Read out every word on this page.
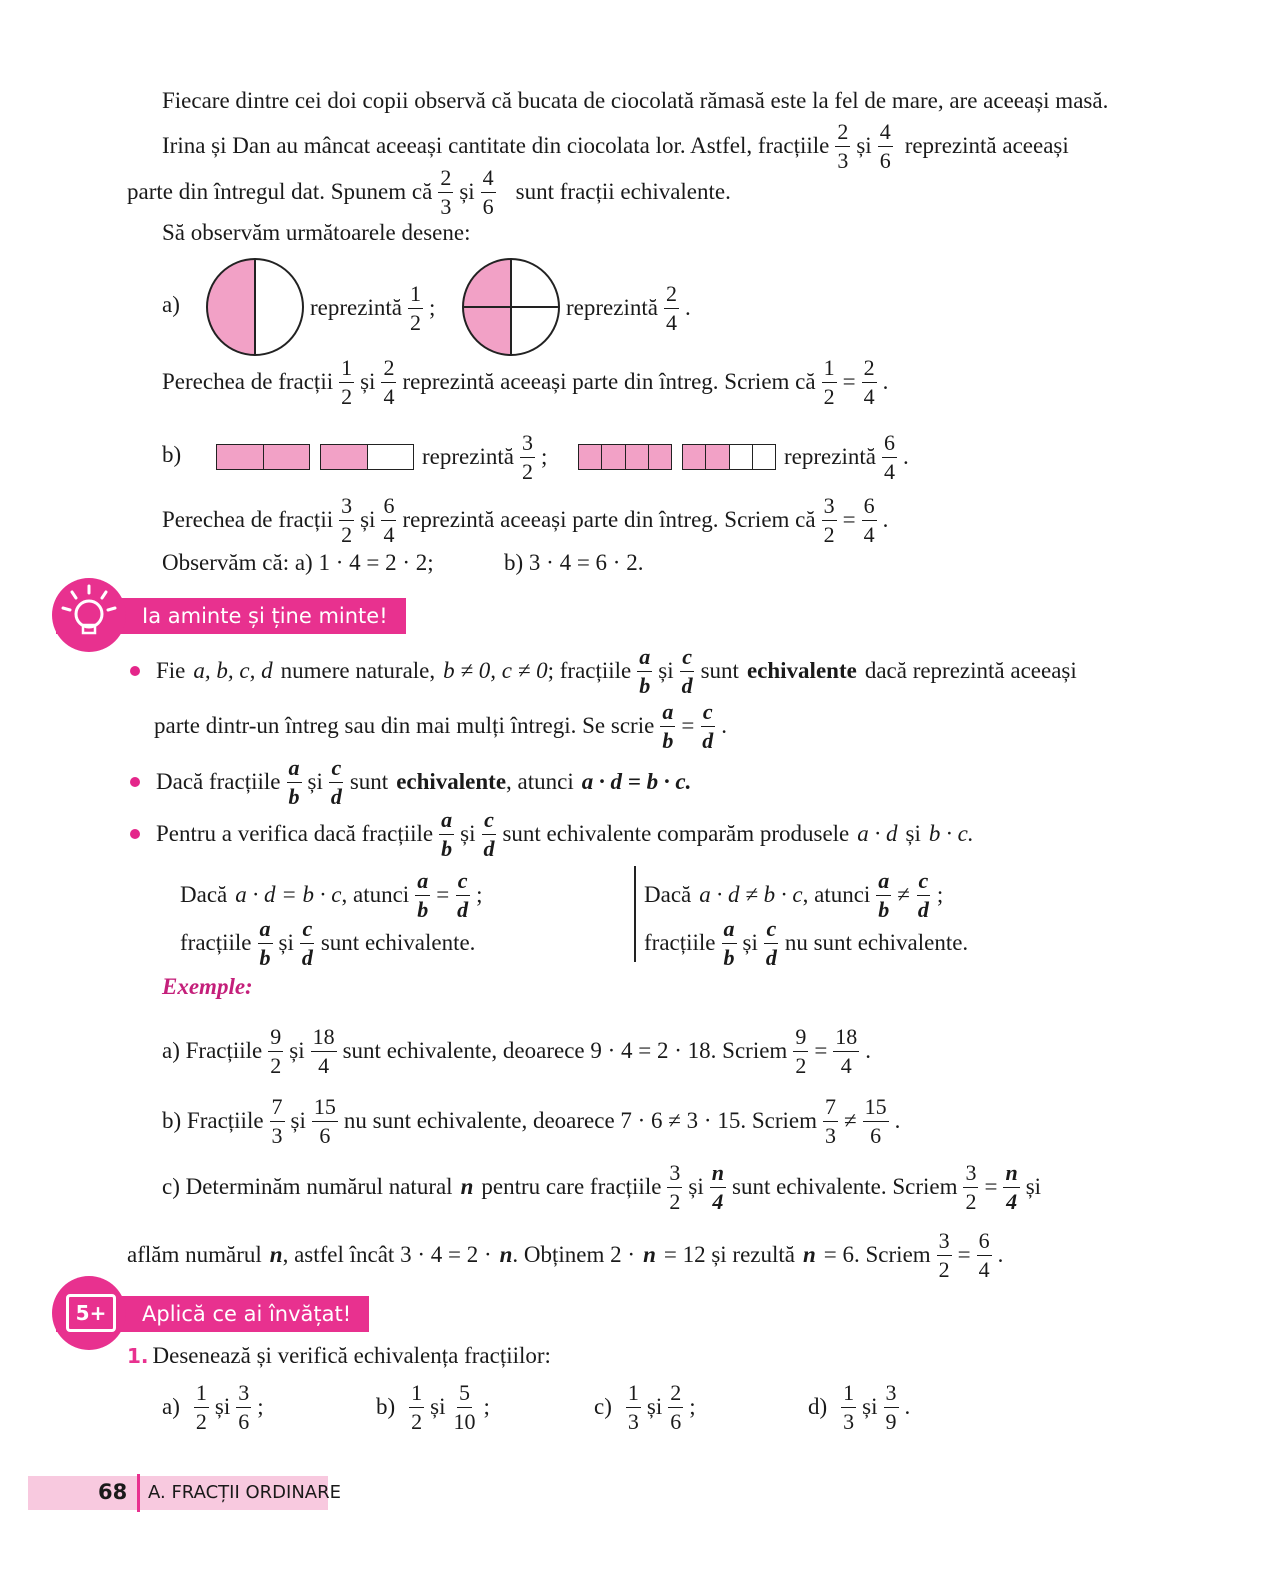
Fiecare dintre cei doi copii observă că bucata de ciocolată rămasă este la fel de mare, are aceeași masă.
Irina și Dan au mâncat aceeași cantitate din ciocolata lor. Astfel, fracțiile $\frac{2}{3}$ și $\frac{4}{6}$ reprezintă aceeași
parte din întregul dat. Spunem că $\frac{2}{3}$ și $\frac{4}{6}$ sunt fracții echivalente.
Să observăm următoarele desene:
a)	reprezintă $\frac{1}{2}$ ;	reprezintă $\frac{2}{4}$ .
Perechea de fracții $\frac{1}{2}$ și $\frac{2}{4}$ reprezintă aceeași parte din întreg. Scriem că $\frac{1}{2} = \frac{2}{4}$ .
b)	reprezintă $\frac{3}{2}$ ;	reprezintă $\frac{6}{4}$ .
Perechea de fracții $\frac{3}{2}$ și $\frac{6}{4}$ reprezintă aceeași parte din întreg. Scriem că $\frac{3}{2} = \frac{6}{4}$ .
Observăm că: a) 1 · 4 = 2 · 2;	b) 3 · 4 = 6 · 2.
Ia aminte și ține minte!
Fie a, b, c, d numere naturale, b ≠ 0, c ≠ 0 ; fracțiile $\frac{a}{b}$ și $\frac{c}{d}$ sunt echivalente dacă reprezintă aceeași
parte dintr-un întreg sau din mai mulți întregi. Se scrie $\frac{a}{b} = \frac{c}{d}$ .
Dacă fracțiile $\frac{a}{b}$ și $\frac{c}{d}$ sunt echivalente , atunci a · d = b · c.
Pentru a verifica dacă fracțiile $\frac{a}{b}$ și $\frac{c}{d}$ sunt echivalente comparăm produsele a · d și b · c.
Dacă a · d = b · c , atunci $\frac{a}{b} = \frac{c}{d}$ ;
fracțiile $\frac{a}{b}$ și $\frac{c}{d}$ sunt echivalente.
Dacă a · d ≠ b · c , atunci $\frac{a}{b} \ne \frac{c}{d}$ ;
fracțiile $\frac{a}{b}$ și $\frac{c}{d}$ nu sunt echivalente.
Exemple:
a) Fracțiile $\frac{9}{2}$ și $\frac{18}{4}$ sunt echivalente, deoarece 9 · 4 = 2 · 18. Scriem $\frac{9}{2} = \frac{18}{4}$ .
b) Fracțiile $\frac{7}{3}$ și $\frac{15}{6}$ nu sunt echivalente, deoarece 7 · 6 ≠ 3 · 15. Scriem $\frac{7}{3} \ne \frac{15}{6}$ .
c) Determinăm numărul natural n pentru care fracțiile $\frac{3}{2}$ și $\frac{n}{4}$ sunt echivalente. Scriem $\frac{3}{2} = \frac{n}{4}$ și
aflăm numărul n , astfel încât 3 · 4 = 2 · n . Obținem 2 · n = 12 și rezultă n = 6. Scriem $\frac{3}{2} = \frac{6}{4}$ .
Aplică ce ai învățat!
5+
1. Desenează și verifică echivalența fracțiilor:
$a) \frac{1}{2}$ și $\frac{3}{6}$ ;	$b) \frac{1}{2}$ și $\frac{5}{10}$ ;	$c) \frac{1}{3}$ și $\frac{2}{6}$ ;	$d) \frac{1}{3}$ și $\frac{3}{9}$ .
68 A. FRACȚII ORDINARE
